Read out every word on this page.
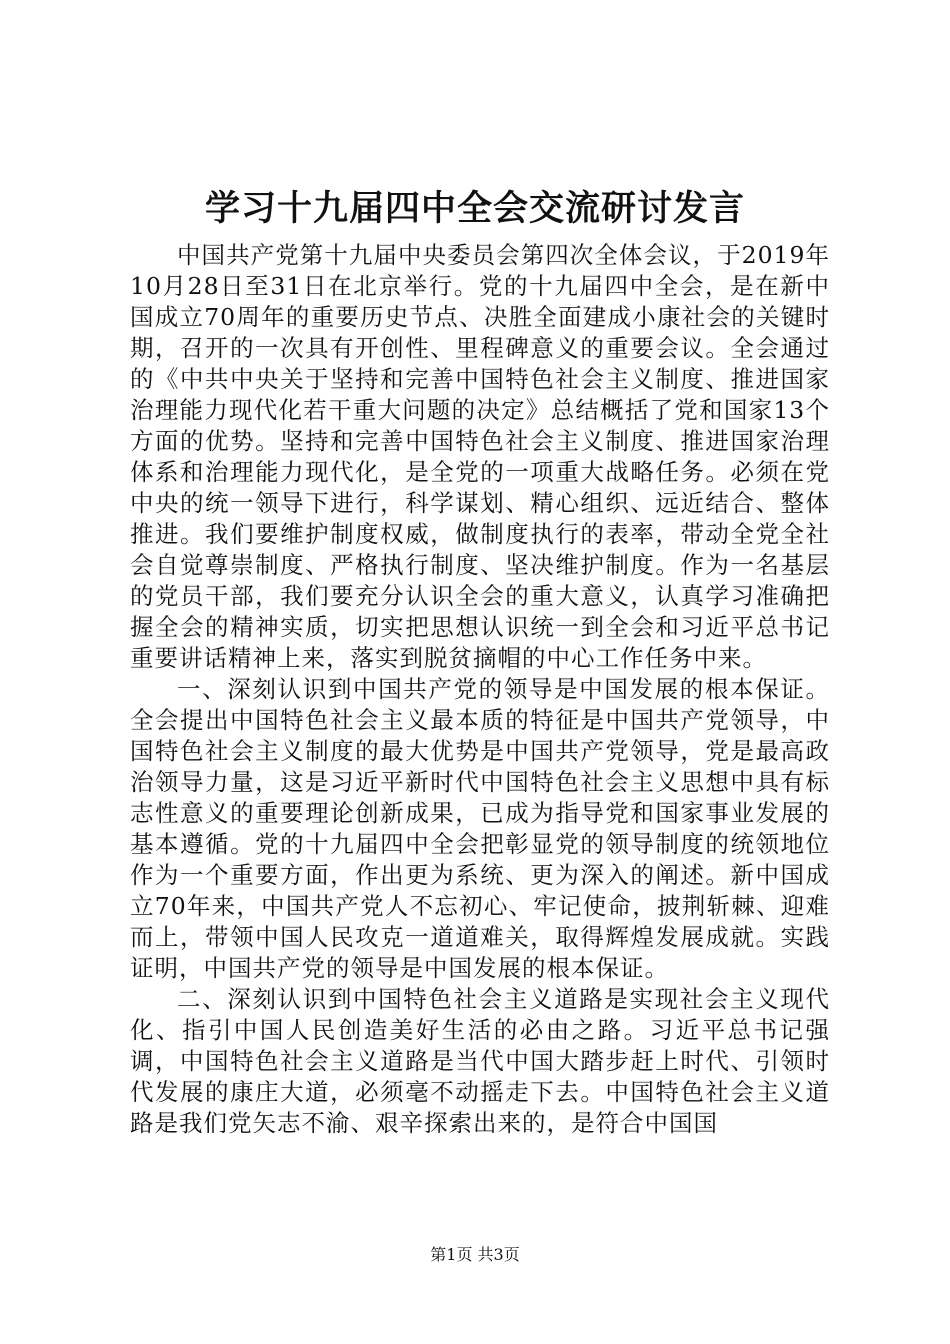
学习十九届四中全会交流研讨发言

中国共产党第十九届中央委员会第四次全体会议，于2019年10月28日至31日在北京举行。党的十九届四中全会，是在新中国成立70周年的重要历史节点、决胜全面建成小康社会的关键时期，召开的一次具有开创性、里程碑意义的重要会议。全会通过的《中共中央关于坚持和完善中国特色社会主义制度、推进国家治理能力现代化若干重大问题的决定》总结概括了党和国家13个方面的优势。坚持和完善中国特色社会主义制度、推进国家治理体系和治理能力现代化，是全党的一项重大战略任务。必须在党中央的统一领导下进行，科学谋划、精心组织、远近结合、整体推进。我们要维护制度权威，做制度执行的表率，带动全党全社会自觉尊崇制度、严格执行制度、坚决维护制度。作为一名基层的党员干部，我们要充分认识全会的重大意义，认真学习准确把握全会的精神实质，切实把思想认识统一到全会和习近平总书记重要讲话精神上来，落实到脱贫摘帽的中心工作任务中来。

一、深刻认识到中国共产党的领导是中国发展的根本保证。全会提出中国特色社会主义最本质的特征是中国共产党领导，中国特色社会主义制度的最大优势是中国共产党领导，党是最高政治领导力量，这是习近平新时代中国特色社会主义思想中具有标志性意义的重要理论创新成果，已成为指导党和国家事业发展的基本遵循。党的十九届四中全会把彰显党的领导制度的统领地位作为一个重要方面，作出更为系统、更为深入的阐述。新中国成立70年来，中国共产党人不忘初心、牢记使命，披荆斩棘、迎难而上，带领中国人民攻克一道道难关，取得辉煌发展成就。实践证明，中国共产党的领导是中国发展的根本保证。

二、深刻认识到中国特色社会主义道路是实现社会主义现代化、指引中国人民创造美好生活的必由之路。习近平总书记强调，中国特色社会主义道路是当代中国大踏步赶上时代、引领时代发展的康庄大道，必须毫不动摇走下去。中国特色社会主义道路是我们党矢志不渝、艰辛探索出来的，是符合中国国

第1页 共3页
